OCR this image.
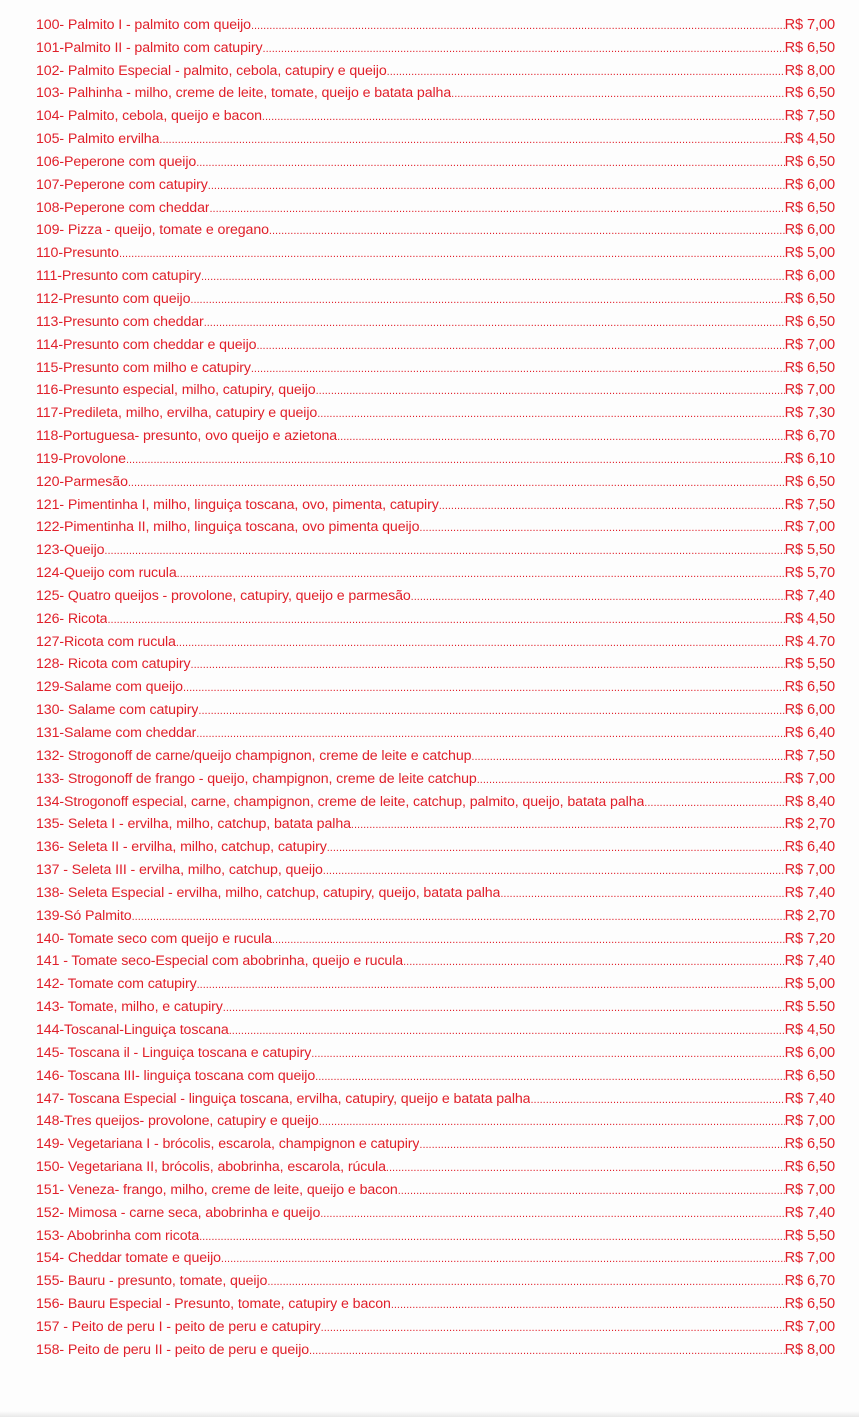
100- Palmito I - palmito com queijo .....	R$ 7,00
101-Palmito II - palmito com catupiry .....	R$ 6,50
102- Palmito Especial - palmito, cebola, catupiry e queijo .....	R$ 8,00
103- Palhinha - milho, creme de leite, tomate, queijo e batata palha .....	R$ 6,50
104- Palmito, cebola, queijo e bacon .....	R$ 7,50
105- Palmito ervilha .....	R$ 4,50
106-Peperone com queijo .....	R$ 6,50
107-Peperone com catupiry .....	R$ 6,00
108-Peperone com cheddar .....	R$ 6,50
109- Pizza - queijo, tomate e oregano .....	R$ 6,00
110-Presunto .....	R$ 5,00
111-Presunto com catupiry .....	R$ 6,00
112-Presunto com queijo .....	R$ 6,50
113-Presunto com cheddar .....	R$ 6,50
114-Presunto com cheddar e queijo .....	R$ 7,00
115-Presunto com milho e catupiry .....	R$ 6,50
116-Presunto especial, milho, catupiry, queijo .....	R$ 7,00
117-Predileta, milho, ervilha, catupiry e queijo .....	R$ 7,30
118-Portuguesa- presunto, ovo queijo e azietona .....	R$ 6,70
119-Provolone .....	R$ 6,10
120-Parmesão .....	R$ 6,50
121- Pimentinha I, milho, linguiça toscana, ovo, pimenta, catupiry .....	R$ 7,50
122-Pimentinha II, milho, linguiça toscana, ovo pimenta queijo .....	R$ 7,00
123-Queijo .....	R$ 5,50
124-Queijo com rucula .....	R$ 5,70
125- Quatro queijos - provolone, catupiry, queijo e parmesão .....	R$ 7,40
126- Ricota .....	R$ 4,50
127-Ricota com rucula .....	R$ 4.70
128- Ricota com catupiry .....	R$ 5,50
129-Salame com queijo .....	R$ 6,50
130- Salame com catupiry .....	R$ 6,00
131-Salame com cheddar .....	R$ 6,40
132- Strogonoff de carne/queijo champignon, creme de leite e catchup .....	R$ 7,50
133- Strogonoff de frango - queijo, champignon, creme de leite catchup .....	R$ 7,00
134-Strogonoff especial, carne, champignon, creme de leite, catchup, palmito, queijo, batata palha .....	R$ 8,40
135- Seleta I - ervilha, milho, catchup, batata palha .....	R$ 2,70
136- Seleta II - ervilha, milho, catchup, catupiry .....	R$ 6,40
137 - Seleta III - ervilha, milho, catchup, queijo .....	R$ 7,00
138- Seleta Especial - ervilha, milho, catchup, catupiry, queijo, batata palha .....	R$ 7,40
139-Só Palmito .....	R$ 2,70
140- Tomate seco com queijo e rucula .....	R$ 7,20
141 - Tomate seco-Especial com abobrinha, queijo e rucula .....	R$ 7,40
142- Tomate com catupiry .....	R$ 5,00
143- Tomate, milho, e catupiry .....	R$ 5.50
144-Toscanal-Linguiça toscana .....	R$ 4,50
145- Toscana il - Linguiça toscana e catupiry .....	R$ 6,00
146- Toscana III- linguiça toscana com queijo .....	R$ 6,50
147- Toscana Especial - linguiça toscana, ervilha, catupiry, queijo e batata palha .....	R$ 7,40
148-Tres queijos- provolone, catupiry e queijo .....	R$ 7,00
149- Vegetariana I - brócolis, escarola, champignon e catupiry .....	R$ 6,50
150- Vegetariana II, brócolis, abobrinha, escarola, rúcula .....	R$ 6,50
151- Veneza- frango, milho, creme de leite, queijo e bacon .....	R$ 7,00
152- Mimosa - carne seca, abobrinha e queijo .....	R$ 7,40
153- Abobrinha com ricota .....	R$ 5,50
154- Cheddar tomate e queijo .....	R$ 7,00
155- Bauru - presunto, tomate, queijo .....	R$ 6,70
156- Bauru Especial - Presunto, tomate, catupiry e bacon .....	R$ 6,50
157 - Peito de peru I - peito de peru e catupiry .....	R$ 7,00
158- Peito de peru II - peito de peru e queijo .....	R$ 8,00
